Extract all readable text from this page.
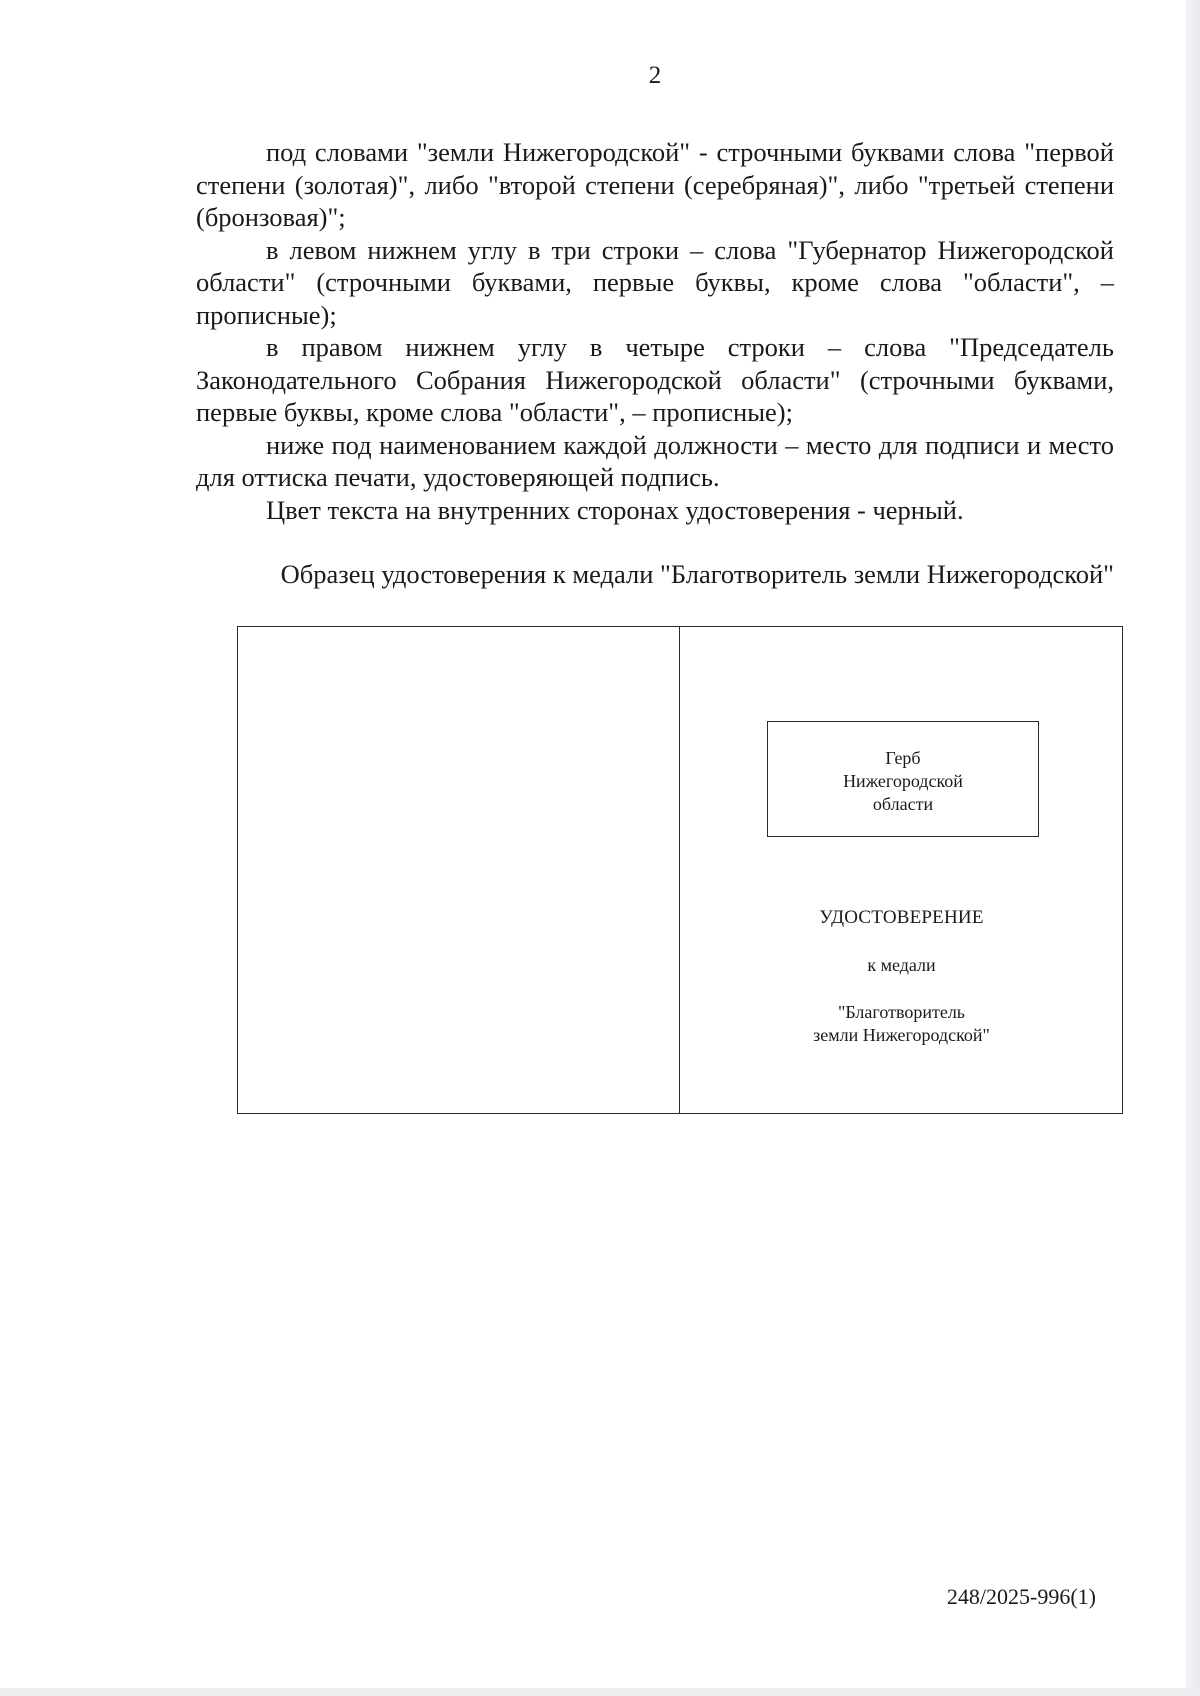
2

под словами "земли Нижегородской" - строчными буквами слова "первой степени (золотая)", либо "второй степени (серебряная)", либо "третьей степени (бронзовая)";

в левом нижнем углу в три строки – слова "Губернатор Нижегородской области" (строчными буквами, первые буквы, кроме слова "области", – прописные);

в правом нижнем углу в четыре строки – слова "Председатель Законодательного Собрания Нижегородской области" (строчными буквами, первые буквы, кроме слова "области", – прописные);

ниже под наименованием каждой должности – место для подписи и место для оттиска печати, удостоверяющей подпись.

Цвет текста на внутренних сторонах удостоверения - черный.

Образец удостоверения к медали "Благотворитель земли Нижегородской"
Герб
Нижегородской
области
УДОСТОВЕРЕНИЕ
к медали
"Благотворитель
земли Нижегородской"
248/2025-996(1)
